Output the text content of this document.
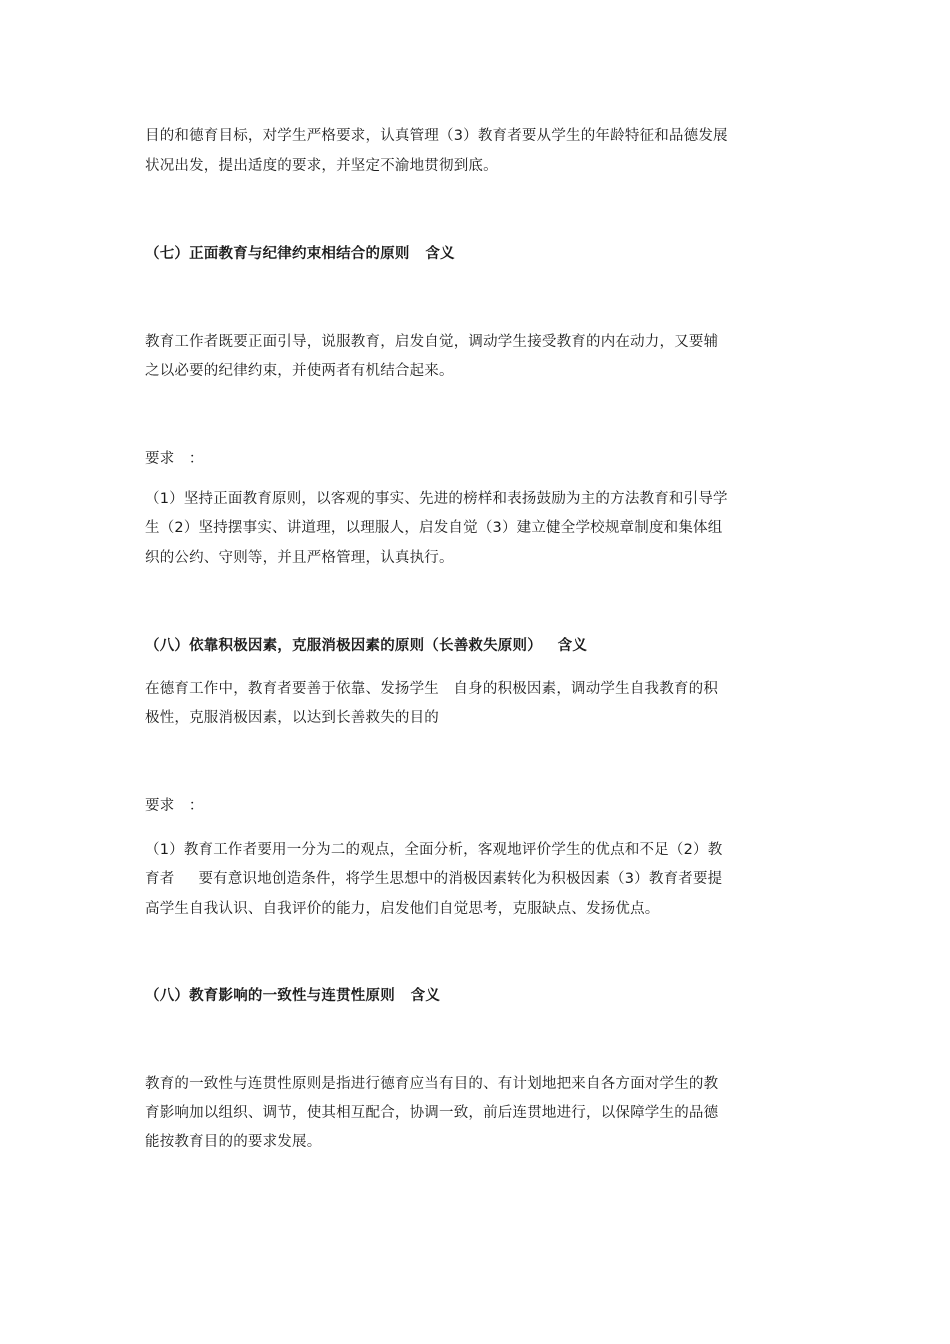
目的和德育目标，对学生严格要求，认真管理（3）教育者要从学生的年龄特征和品德发展
状况出发，提出适度的要求，并坚定不渝地贯彻到底。
（七）正面教育与纪律约束相结合的原则   含义
教育工作者既要正面引导，说服教育，启发自觉，调动学生接受教育的内在动力，又要辅
之以必要的纪律约束，并使两者有机结合起来。
要求   ：
（1）坚持正面教育原则，以客观的事实、先进的榜样和表扬鼓励为主的方法教育和引导学
生（2）坚持摆事实、讲道理，以理服人，启发自觉（3）建立健全学校规章制度和集体组
织的公约、守则等，并且严格管理，认真执行。
（八）依靠积极因素，克服消极因素的原则（长善救失原则）   含义
在德育工作中，教育者要善于依靠、发扬学生   自身的积极因素，调动学生自我教育的积
极性，克服消极因素，以达到长善救失的目的
要求   ：
（1）教育工作者要用一分为二的观点，全面分析，客观地评价学生的优点和不足（2）教
育者     要有意识地创造条件，将学生思想中的消极因素转化为积极因素（3）教育者要提
高学生自我认识、自我评价的能力，启发他们自觉思考，克服缺点、发扬优点。
（八）教育影响的一致性与连贯性原则   含义
教育的一致性与连贯性原则是指进行德育应当有目的、有计划地把来自各方面对学生的教
育影响加以组织、调节，使其相互配合，协调一致，前后连贯地进行，以保障学生的品德
能按教育目的的要求发展。
